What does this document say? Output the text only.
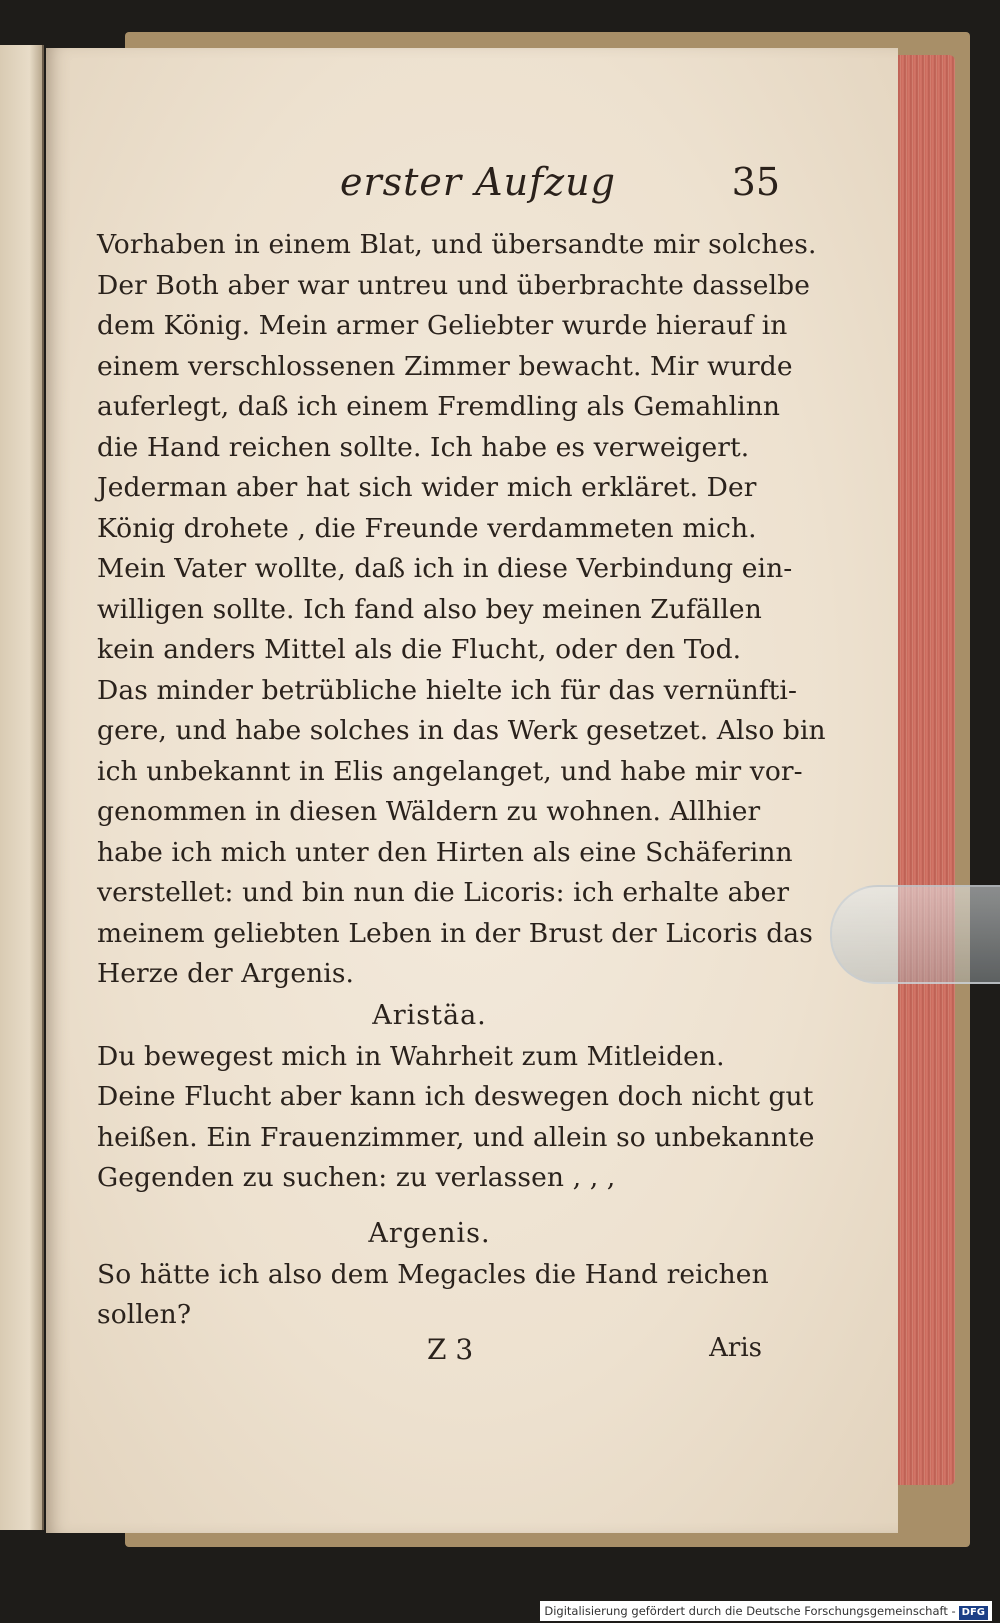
erster Aufzug	35
Vorhaben in einem Blat, und übersandte mir solches.
Der Both aber war untreu und überbrachte dasselbe
dem König. Mein armer Geliebter wurde hierauf in
einem verschlossenen Zimmer bewacht. Mir wurde
auferlegt, daß ich einem Fremdling als Gemahlinn
die Hand reichen sollte. Ich habe es verweigert.
Jederman aber hat sich wider mich erkläret. Der
König drohete , die Freunde verdammeten mich.
Mein Vater wollte, daß ich in diese Verbindung ein-
willigen sollte. Ich fand also bey meinen Zufällen
kein anders Mittel als die Flucht, oder den Tod.
Das minder betrübliche hielte ich für das vernünfti-
gere, und habe solches in das Werk gesetzet. Also bin
ich unbekannt in Elis angelanget, und habe mir vor-
genommen in diesen Wäldern zu wohnen. Allhier
habe ich mich unter den Hirten als eine Schäferinn
verstellet: und bin nun die Licoris: ich erhalte aber
meinem geliebten Leben in der Brust der Licoris das
Herze der Argenis.
Aristäa.
Du bewegest mich in Wahrheit zum Mitleiden.
Deine Flucht aber kann ich deswegen doch nicht gut
heißen. Ein Frauenzimmer, und allein so unbekannte
Gegenden zu suchen: zu verlassen ‚ ‚ ‚
Argenis.
So hätte ich also dem Megacles die Hand reichen
sollen?
Z 3	Aris
Digitalisierung gefördert durch die Deutsche Forschungsgemeinschaft - DFG
